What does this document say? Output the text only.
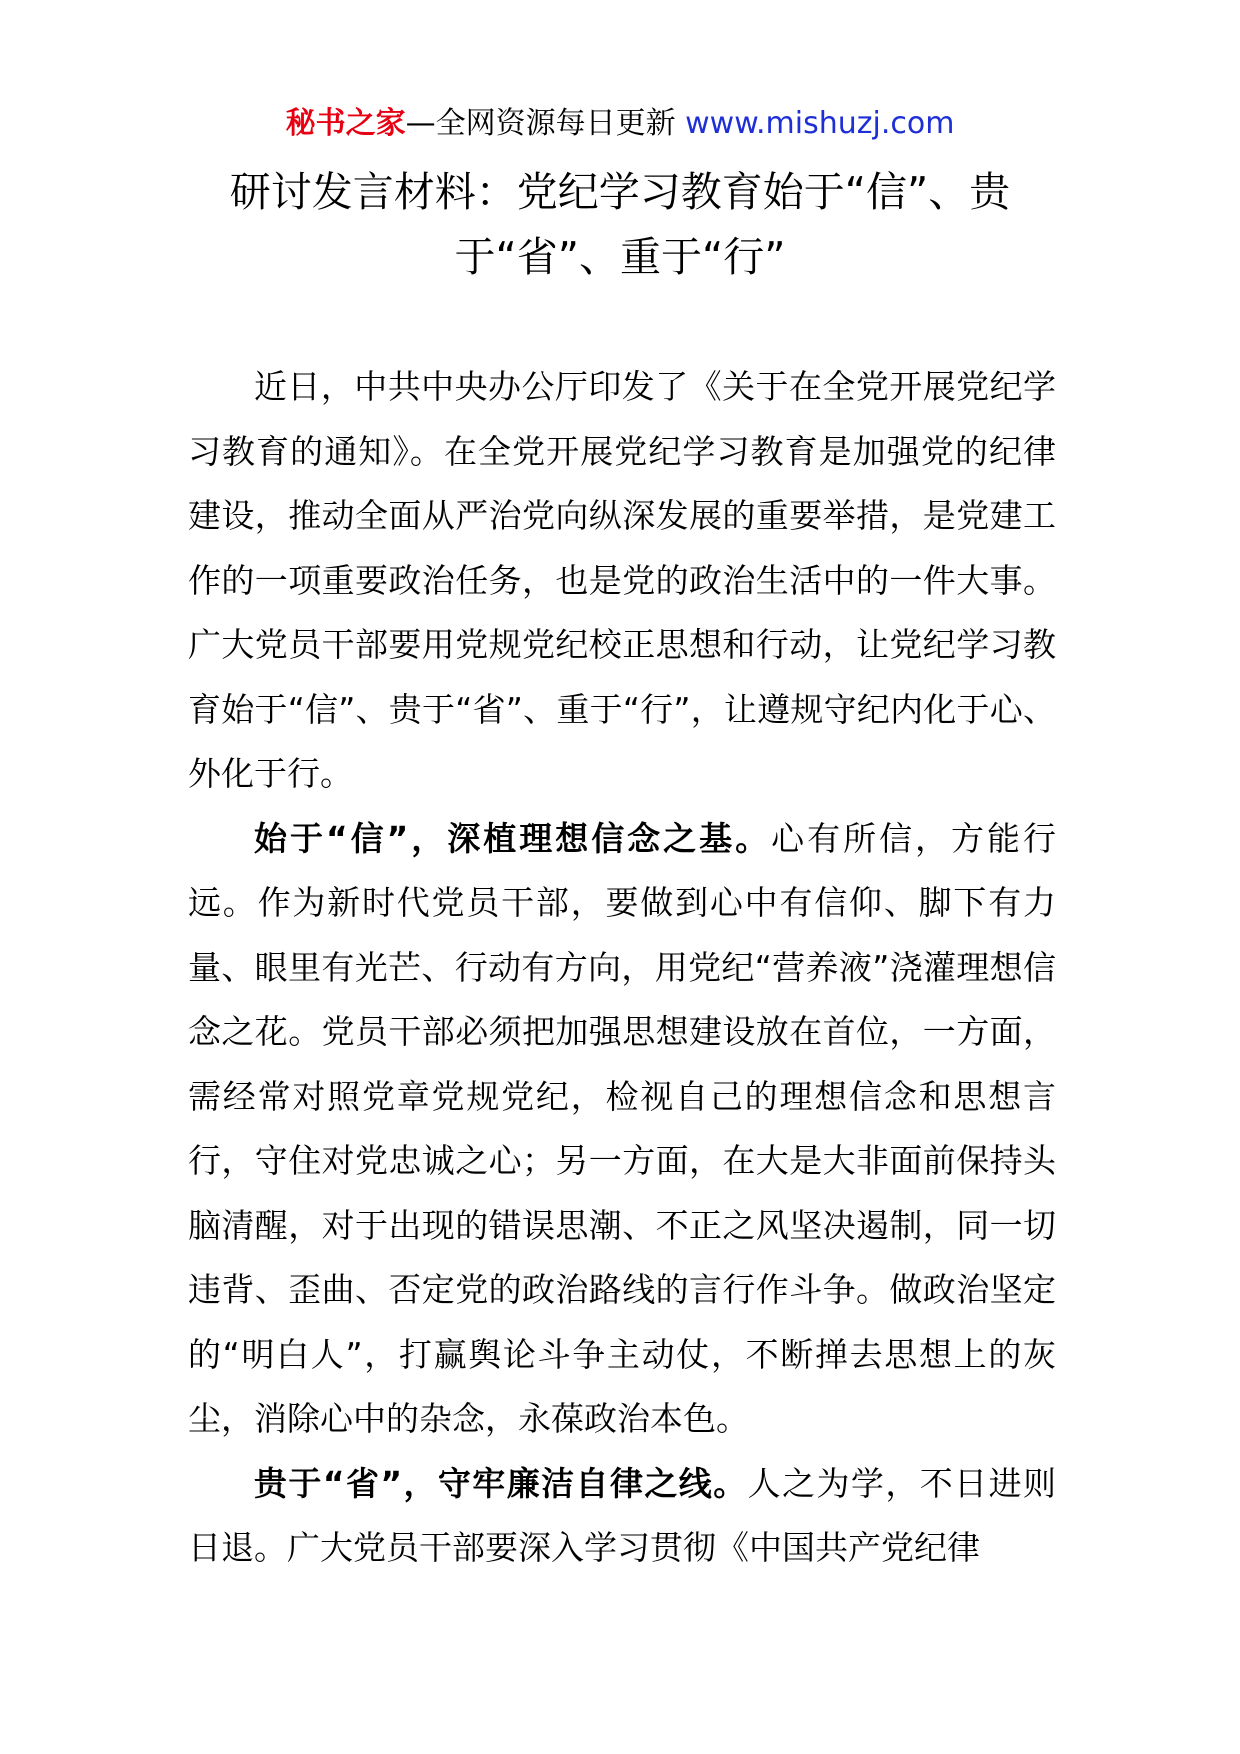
秘书之家—全网资源每日更新 www.mishuzj.com
研讨发言材料：党纪学习教育始于“信”、贵于“省”、重于“行”

近日，中共中央办公厅印发了《关于在全党开展党纪学习教育的通知》。在全党开展党纪学习教育是加强党的纪律建设，推动全面从严治党向纵深发展的重要举措，是党建工作的一项重要政治任务，也是党的政治生活中的一件大事。广大党员干部要用党规党纪校正思想和行动，让党纪学习教育始于“信”、贵于“省”、重于“行”，让遵规守纪内化于心、外化于行。

始于“信”，深植理想信念之基。心有所信，方能行远。作为新时代党员干部，要做到心中有信仰、脚下有力量、眼里有光芒、行动有方向，用党纪“营养液”浇灌理想信念之花。党员干部必须把加强思想建设放在首位，一方面，需经常对照党章党规党纪，检视自己的理想信念和思想言行，守住对党忠诚之心；另一方面，在大是大非面前保持头脑清醒，对于出现的错误思潮、不正之风坚决遏制，同一切违背、歪曲、否定党的政治路线的言行作斗争。做政治坚定的“明白人”，打赢舆论斗争主动仗，不断掸去思想上的灰尘，消除心中的杂念，永葆政治本色。

贵于“省”，守牢廉洁自律之线。人之为学，不日进则日退。广大党员干部要深入学习贯彻《中国共产党纪律
